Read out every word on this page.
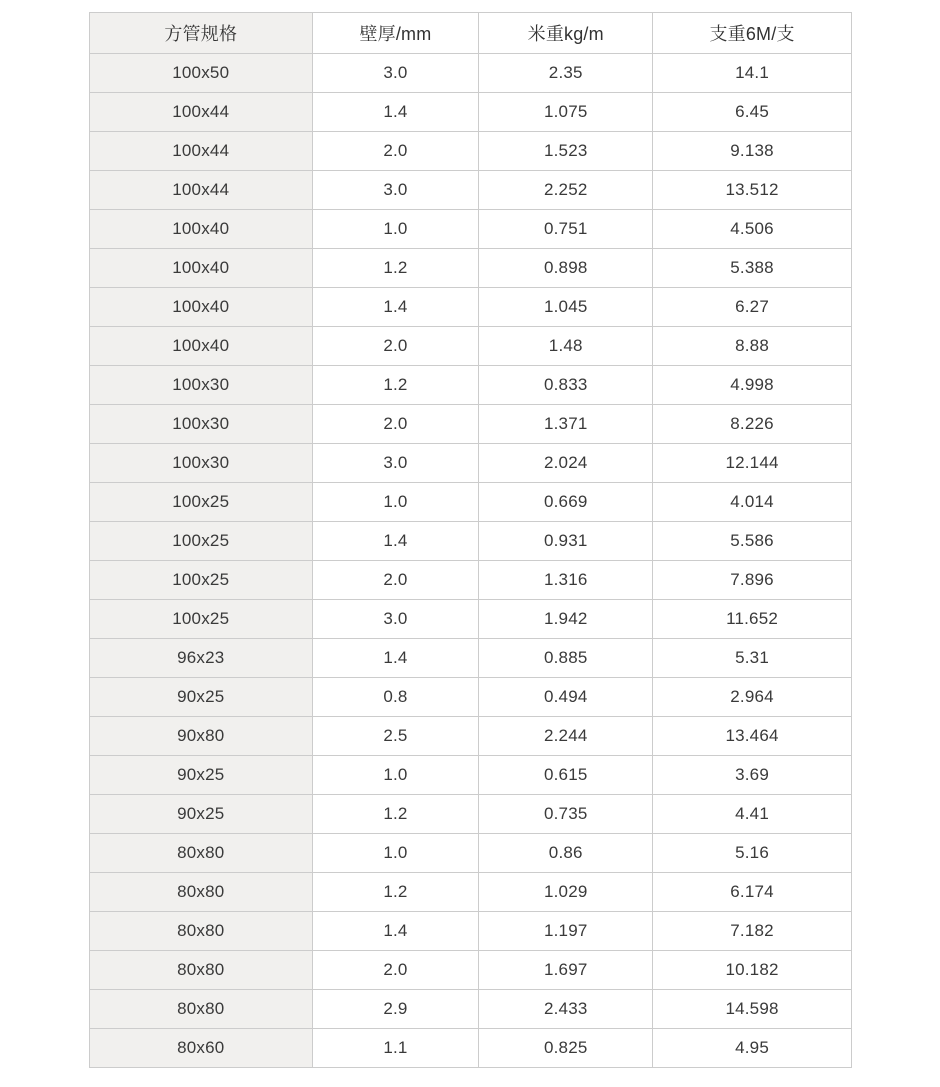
方管规格	壁厚/mm	米重kg/m	支重6M/支
100x50	3.0	2.35	14.1
100x44	1.4	1.075	6.45
100x44	2.0	1.523	9.138
100x44	3.0	2.252	13.512
100x40	1.0	0.751	4.506
100x40	1.2	0.898	5.388
100x40	1.4	1.045	6.27
100x40	2.0	1.48	8.88
100x30	1.2	0.833	4.998
100x30	2.0	1.371	8.226
100x30	3.0	2.024	12.144
100x25	1.0	0.669	4.014
100x25	1.4	0.931	5.586
100x25	2.0	1.316	7.896
100x25	3.0	1.942	11.652
96x23	1.4	0.885	5.31
90x25	0.8	0.494	2.964
90x80	2.5	2.244	13.464
90x25	1.0	0.615	3.69
90x25	1.2	0.735	4.41
80x80	1.0	0.86	5.16
80x80	1.2	1.029	6.174
80x80	1.4	1.197	7.182
80x80	2.0	1.697	10.182
80x80	2.9	2.433	14.598
80x60	1.1	0.825	4.95
